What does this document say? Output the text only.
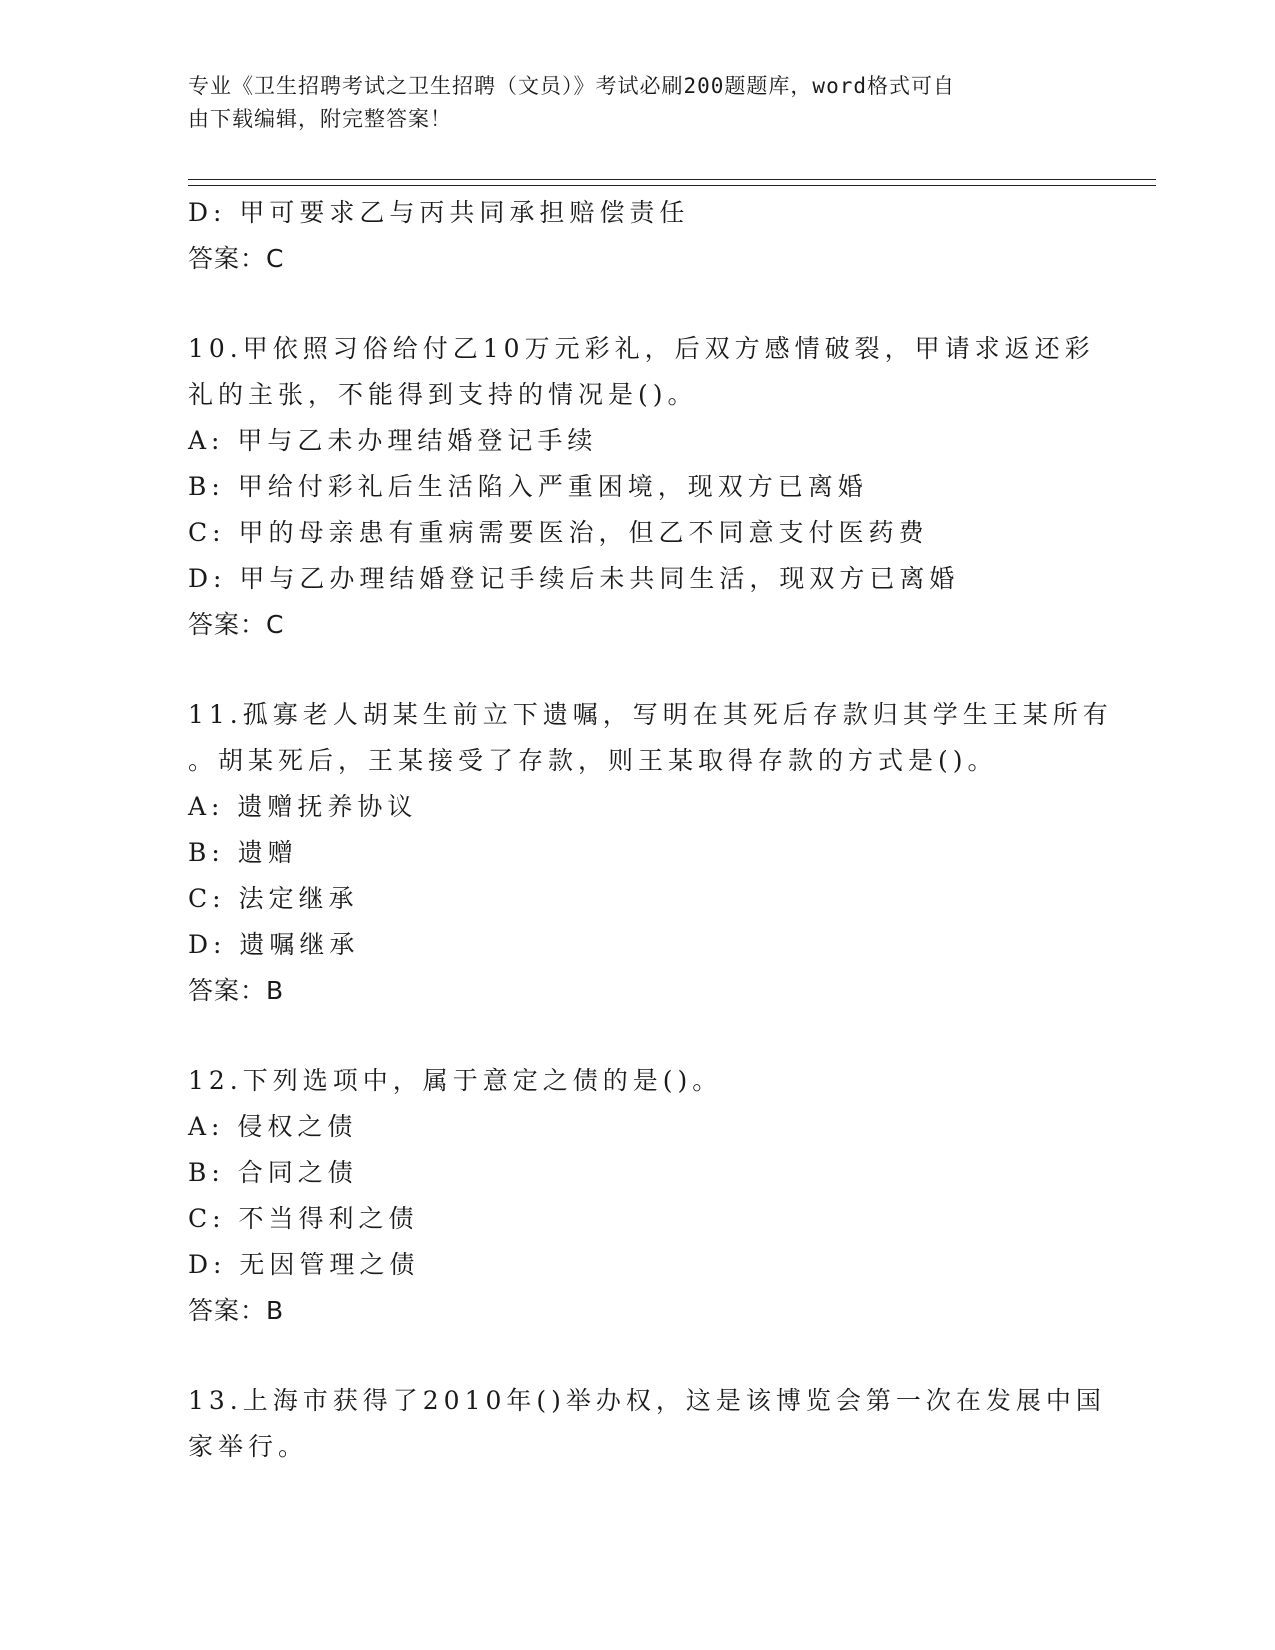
专业《卫生招聘考试之卫生招聘（文员）》考试必刷200题题库，word格式可自
由下载编辑，附完整答案！
D: 甲可要求乙与丙共同承担赔偿责任
答案：C
10.甲依照习俗给付乙10万元彩礼，后双方感情破裂，甲请求返还彩
礼的主张，不能得到支持的情况是()。
A: 甲与乙未办理结婚登记手续
B: 甲给付彩礼后生活陷入严重困境，现双方已离婚
C: 甲的母亲患有重病需要医治，但乙不同意支付医药费
D: 甲与乙办理结婚登记手续后未共同生活，现双方已离婚
答案：C
11.孤寡老人胡某生前立下遗嘱，写明在其死后存款归其学生王某所有
。胡某死后，王某接受了存款，则王某取得存款的方式是()。
A: 遗赠抚养协议
B: 遗赠
C: 法定继承
D: 遗嘱继承
答案：B
12.下列选项中，属于意定之债的是()。
A: 侵权之债
B: 合同之债
C: 不当得利之债
D: 无因管理之债
答案：B
13.上海市获得了2010年()举办权，这是该博览会第一次在发展中国
家举行。
